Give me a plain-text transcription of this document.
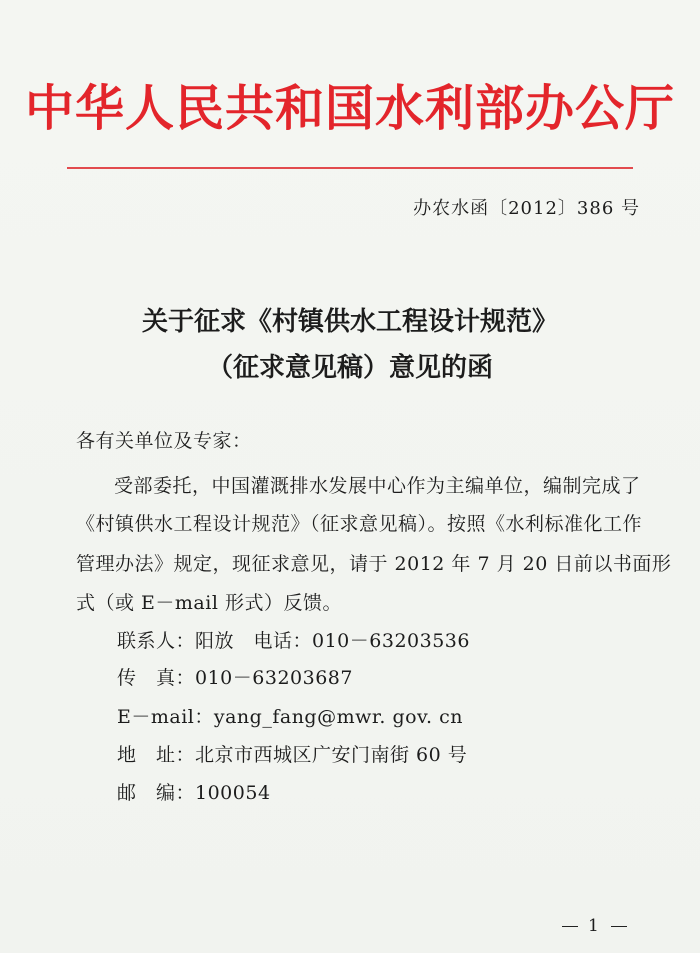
中华人民共和国水利部办公厅
办农水函〔2012〕386 号
关于征求《村镇供水工程设计规范》
（征求意见稿）意见的函
各有关单位及专家：
受部委托，中国灌溉排水发展中心作为主编单位，编制完成了
《村镇供水工程设计规范》（征求意见稿）。按照《水利标准化工作
管理办法》规定，现征求意见，请于 2012 年 7 月 20 日前以书面形
式（或 E－mail 形式）反馈。
联系人：阳放　电话：010－63203536
传　真：010－63203687
E－mail：yang_fang@mwr. gov. cn
地　址：北京市西城区广安门南街 60 号
邮　编：100054
1
